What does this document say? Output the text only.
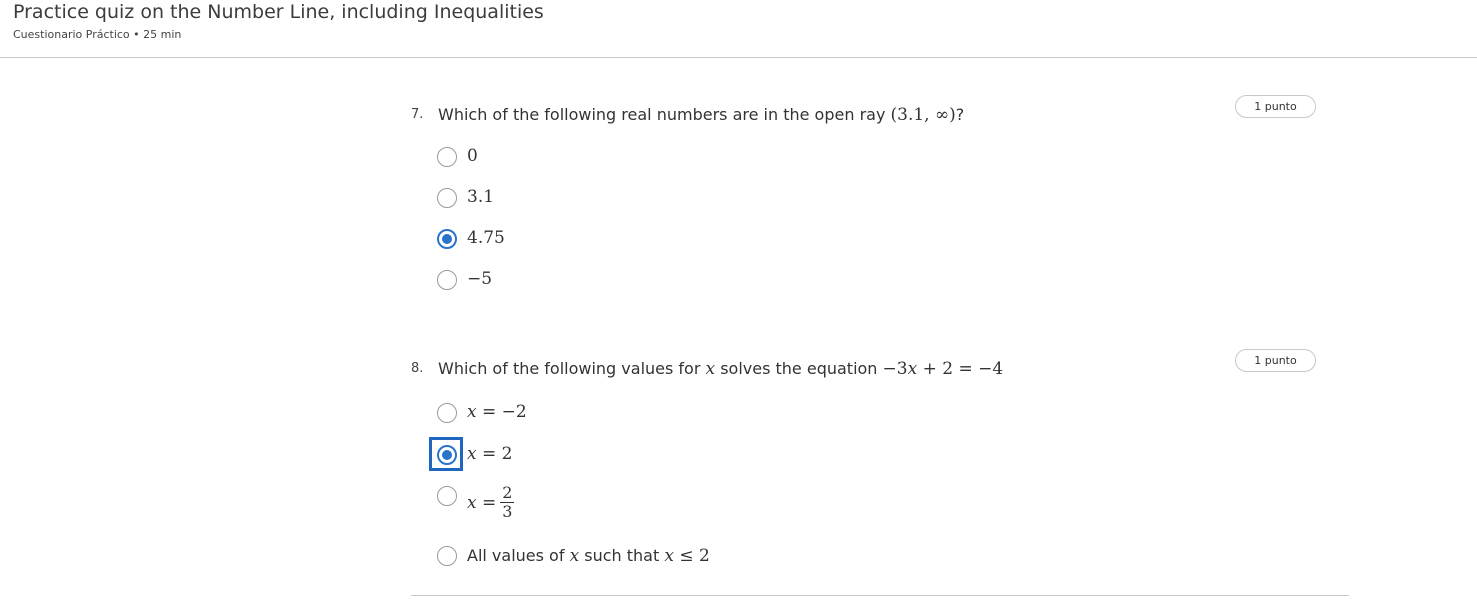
Practice quiz on the Number Line, including Inequalities
Cuestionario Práctico • 25 min
7. Which of the following real numbers are in the open ray (3.1, ∞)?	1 punto
0
3.1
4.75
−5
8. Which of the following values for x solves the equation −3x + 2 = −4	1 punto
x = −2
x = 2
$x = \frac{2}{3}$
All values of x such that x ≤ 2
